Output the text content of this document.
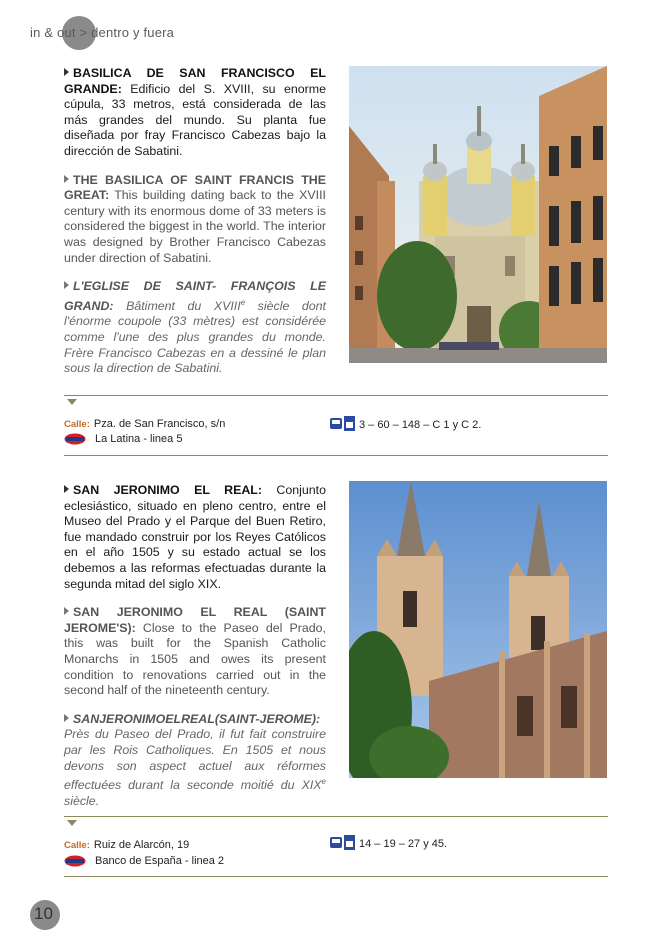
in & out > dentro y fuera

BASILICA DE SAN FRANCISCO EL GRANDE: Edificio del S. XVIII, su enorme cúpula, 33 metros, está considerada de las más grandes del mundo. Su planta fue diseñada por fray Francisco Cabezas bajo la dirección de Sabatini.

THE BASILICA OF SAINT FRANCIS THE GREAT: This building dating back to the XVIII century with its enormous dome of 33 meters is considered the biggest in the world. The interior was designed by Brother Francisco Cabezas under direction of Sabatini.

L'EGLISE DE SAINT- FRANÇOIS LE GRAND: Bâtiment du XVIIIe siècle dont l'énorme coupole (33 mètres) est considérée comme l'une des plus grandes du monde. Frère Francisco Cabezas en a dessiné le plan sous la direction de Sabatini.

Calle: Pza. de San Francisco, s/n
La Latina - linea 5
3 – 60 – 148 – C 1 y C 2.

SAN JERONIMO EL REAL: Conjunto eclesiástico, situado en pleno centro, entre el Museo del Prado y el Parque del Buen Retiro, fue mandado construir por los Reyes Católicos en el año 1505 y su estado actual se los debemos a las reformas efectuadas durante la segunda mitad del siglo XIX.

SAN JERONIMO EL REAL (SAINT JEROME'S): Close to the Paseo del Prado, this was built for the Spanish Catholic Monarchs in 1505 and owes its present condition to renovations carried out in the second half of the nineteenth century.

SANJERONIMOELREAL(SAINT-JEROME): Près du Paseo del Prado, il fut fait construire par les Rois Catholiques. En 1505 et nous devons son aspect actuel aux réformes effectuées durant la seconde moitié du XIXe siècle.

Calle: Ruiz de Alarcón, 19
Banco de España - linea 2
14 – 19 – 27 y 45.
10
